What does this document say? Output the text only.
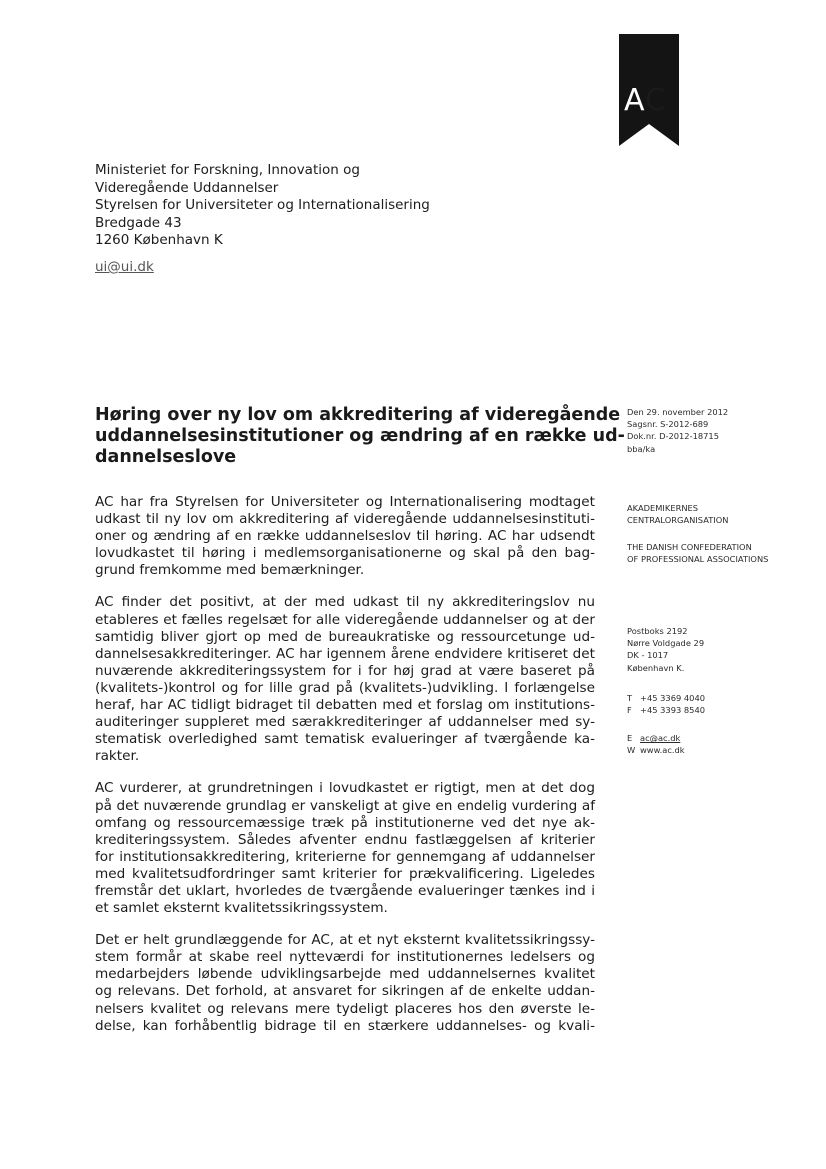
AC
Ministeriet for Forskning, Innovation og
Videregående Uddannelser
Styrelsen for Universiteter og Internationalisering
Bredgade 43
1260 København K
ui@ui.dk
Høring over ny lov om akkreditering af videregående
uddannelsesinstitutioner og ændring af en række ud-
dannelseslove
Den 29. november 2012
Sagsnr. S-2012-689
Dok.nr. D-2012-18715
bba/ka
AKADEMIKERNES
CENTRALORGANISATION
THE DANISH CONFEDERATION
OF PROFESSIONAL ASSOCIATIONS
Postboks 2192
Nørre Voldgade 29
DK - 1017
København K.
T +45 3369 4040
F +45 3393 8540
E ac@ac.dk
W www.ac.dk
AC har fra Styrelsen for Universiteter og Internationalisering modtaget
udkast til ny lov om akkreditering af videregående uddannelsesinstituti-
oner og ændring af en række uddannelseslov til høring. AC har udsendt
lovudkastet til høring i medlemsorganisationerne og skal på den bag-
grund fremkomme med bemærkninger.
AC finder det positivt, at der med udkast til ny akkrediteringslov nu
etableres et fælles regelsæt for alle videregående uddannelser og at der
samtidig bliver gjort op med de bureaukratiske og ressourcetunge ud-
dannelsesakkrediteringer. AC har igennem årene endvidere kritiseret det
nuværende akkrediteringssystem for i for høj grad at være baseret på
(kvalitets-)kontrol og for lille grad på (kvalitets-)udvikling. I forlængelse
heraf, har AC tidligt bidraget til debatten med et forslag om institutions-
auditeringer suppleret med særakkrediteringer af uddannelser med sy-
stematisk overledighed samt tematisk evalueringer af tværgående ka-
rakter.
AC vurderer, at grundretningen i lovudkastet er rigtigt, men at det dog
på det nuværende grundlag er vanskeligt at give en endelig vurdering af
omfang og ressourcemæssige træk på institutionerne ved det nye ak-
krediteringssystem. Således afventer endnu fastlæggelsen af kriterier
for institutionsakkreditering, kriterierne for gennemgang af uddannelser
med kvalitetsudfordringer samt kriterier for prækvalificering. Ligeledes
fremstår det uklart, hvorledes de tværgående evalueringer tænkes ind i
et samlet eksternt kvalitetssikringssystem.
Det er helt grundlæggende for AC, at et nyt eksternt kvalitetssikringssy-
stem formår at skabe reel nytteværdi for institutionernes ledelsers og
medarbejders løbende udviklingsarbejde med uddannelsernes kvalitet
og relevans. Det forhold, at ansvaret for sikringen af de enkelte uddan-
nelsers kvalitet og relevans mere tydeligt placeres hos den øverste le-
delse, kan forhåbentlig bidrage til en stærkere uddannelses- og kvali-
